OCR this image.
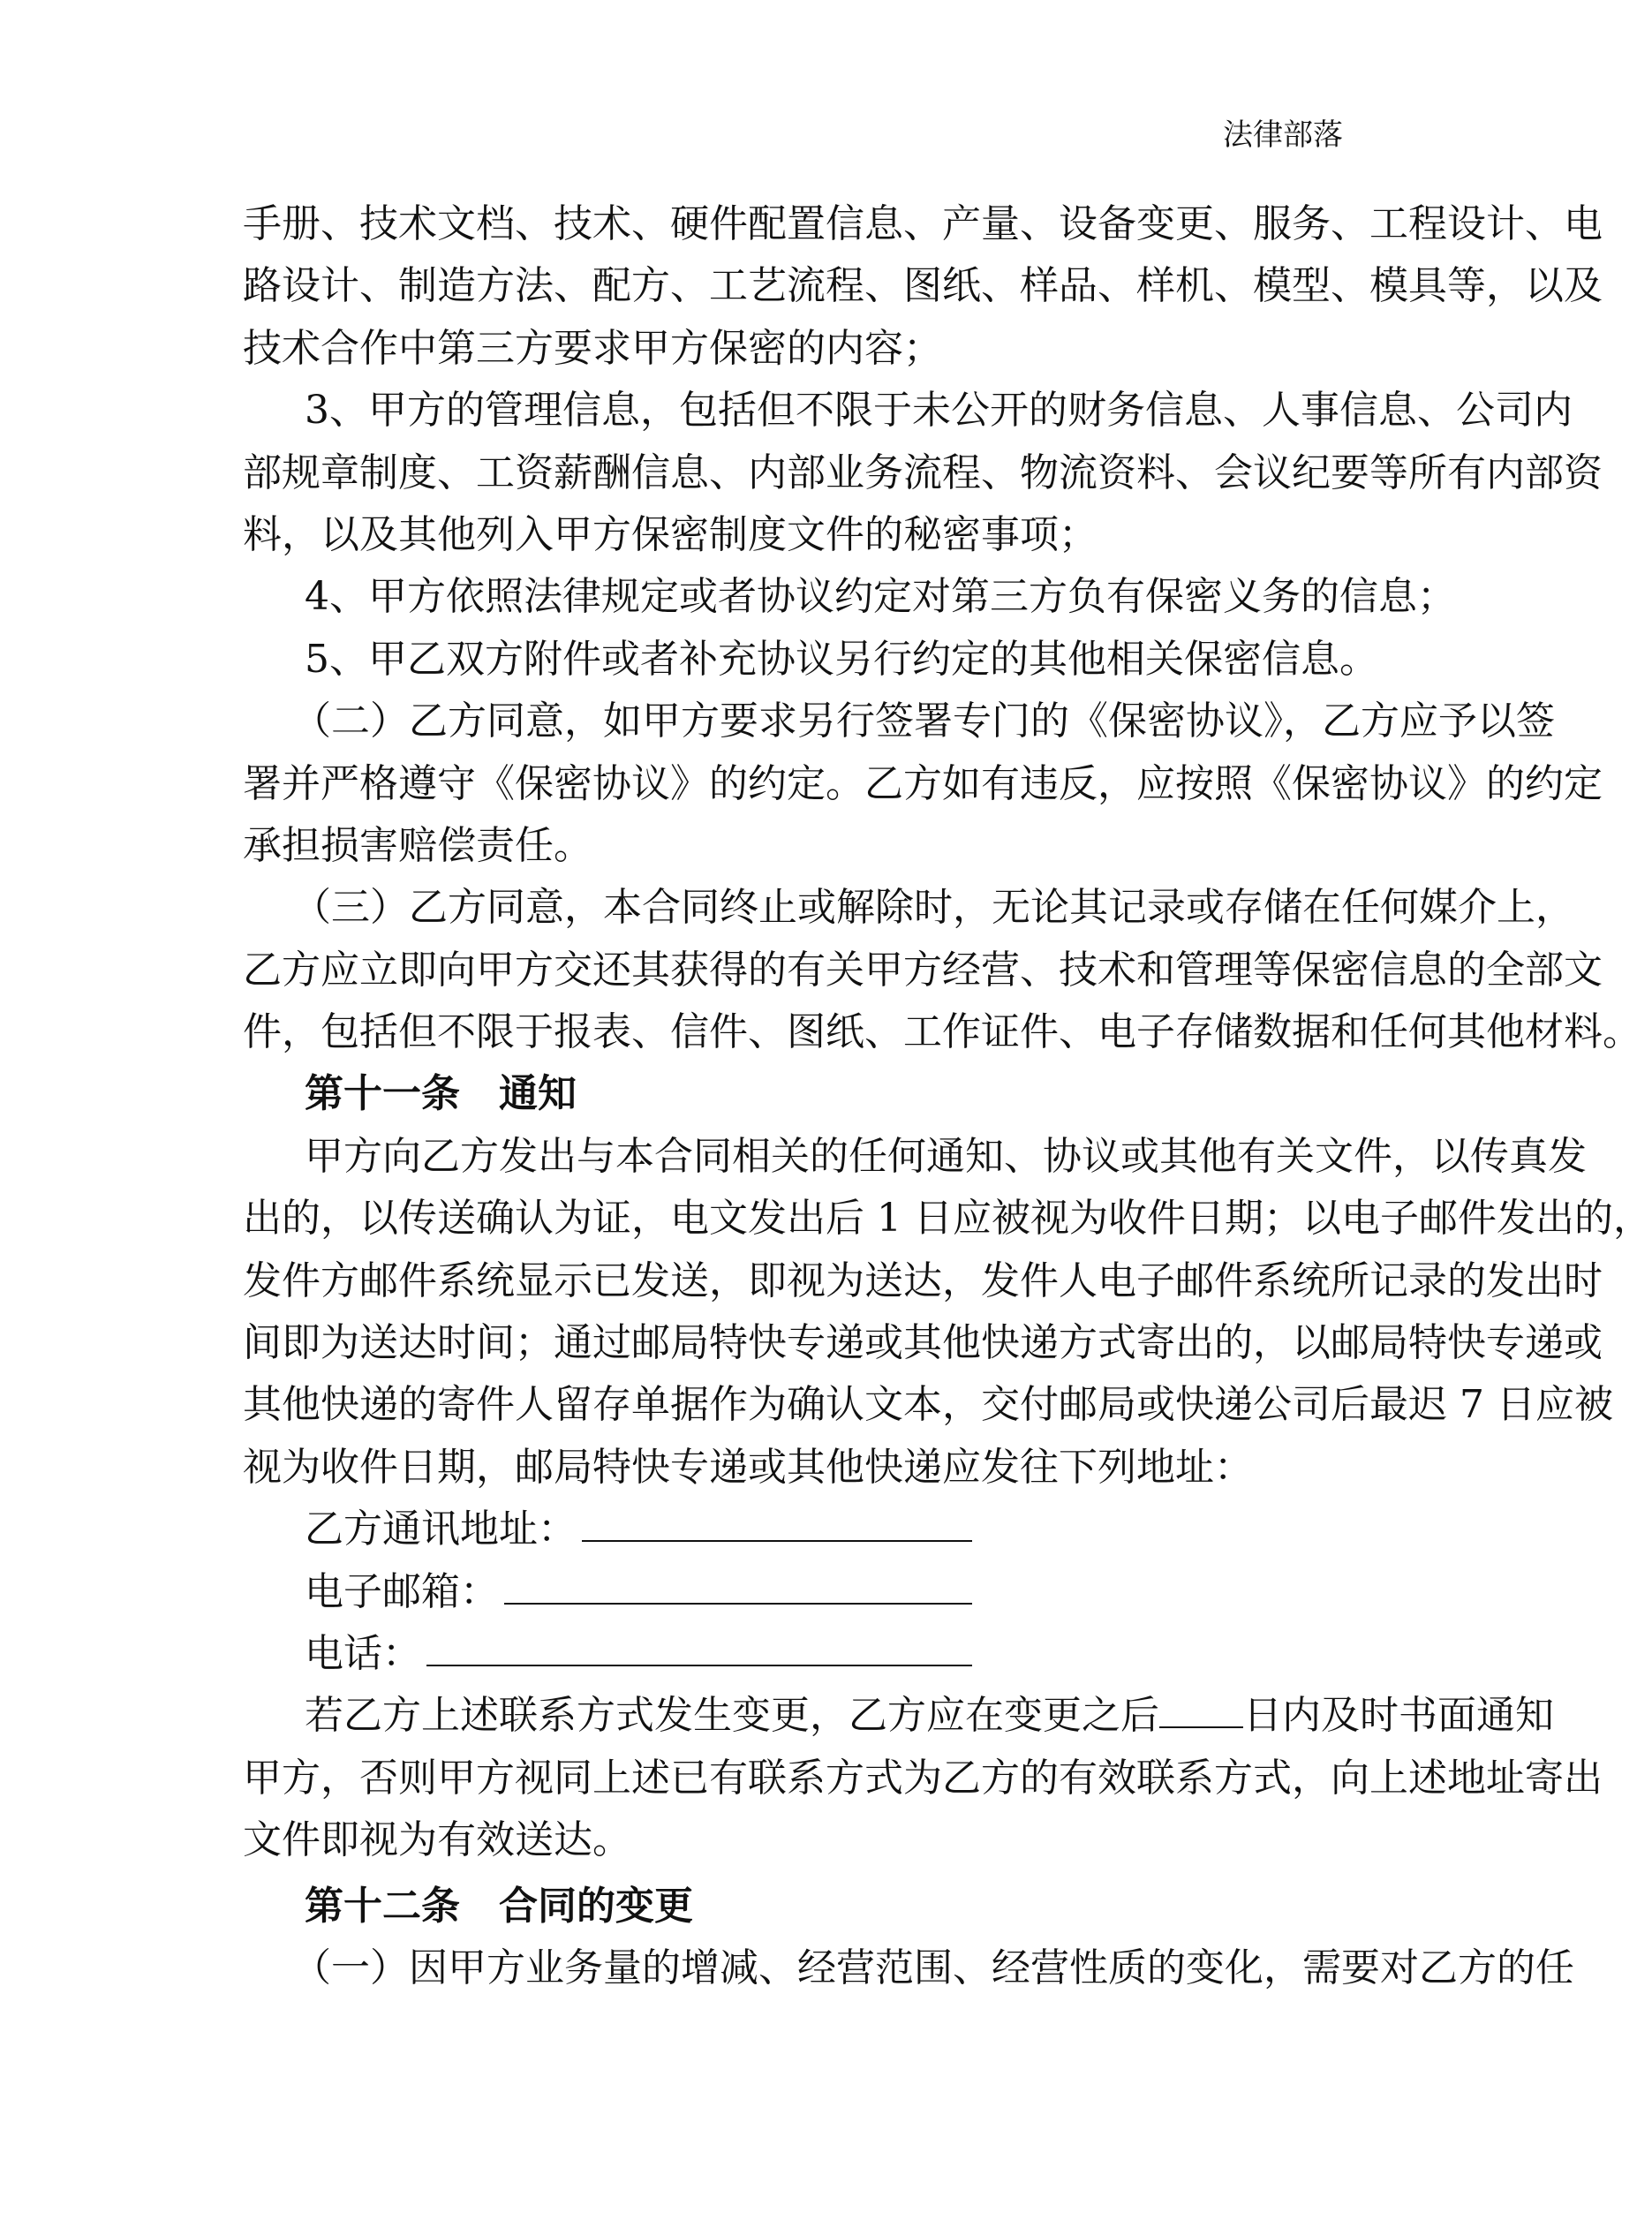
法律部落
手册、技术文档、技术、硬件配置信息、产量、设备变更、服务、工程设计、电
路设计、制造方法、配方、工艺流程、图纸、样品、样机、模型、模具等，以及
技术合作中第三方要求甲方保密的内容；
3、甲方的管理信息，包括但不限于未公开的财务信息、人事信息、公司内
部规章制度、工资薪酬信息、内部业务流程、物流资料、会议纪要等所有内部资
料，以及其他列入甲方保密制度文件的秘密事项；
4、甲方依照法律规定或者协议约定对第三方负有保密义务的信息；
5、甲乙双方附件或者补充协议另行约定的其他相关保密信息。
（二）乙方同意，如甲方要求另行签署专门的《保密协议》，乙方应予以签
署并严格遵守《保密协议》的约定。乙方如有违反，应按照《保密协议》的约定
承担损害赔偿责任。
（三）乙方同意，本合同终止或解除时，无论其记录或存储在任何媒介上，
乙方应立即向甲方交还其获得的有关甲方经营、技术和管理等保密信息的全部文
件，包括但不限于报表、信件、图纸、工作证件、电子存储数据和任何其他材料。
第十一条　通知
甲方向乙方发出与本合同相关的任何通知、协议或其他有关文件，以传真发
出的，以传送确认为证，电文发出后 1 日应被视为收件日期；以电子邮件发出的，
发件方邮件系统显示已发送，即视为送达，发件人电子邮件系统所记录的发出时
间即为送达时间；通过邮局特快专递或其他快递方式寄出的，以邮局特快专递或
其他快递的寄件人留存单据作为确认文本，交付邮局或快递公司后最迟 7 日应被
视为收件日期，邮局特快专递或其他快递应发往下列地址：
乙方通讯地址：
电子邮箱：
电话：
若乙方上述联系方式发生变更，乙方应在变更之后 日内及时书面通知
甲方，否则甲方视同上述已有联系方式为乙方的有效联系方式，向上述地址寄出
文件即视为有效送达。
第十二条　合同的变更
（一）因甲方业务量的增减、经营范围、经营性质的变化，需要对乙方的任
